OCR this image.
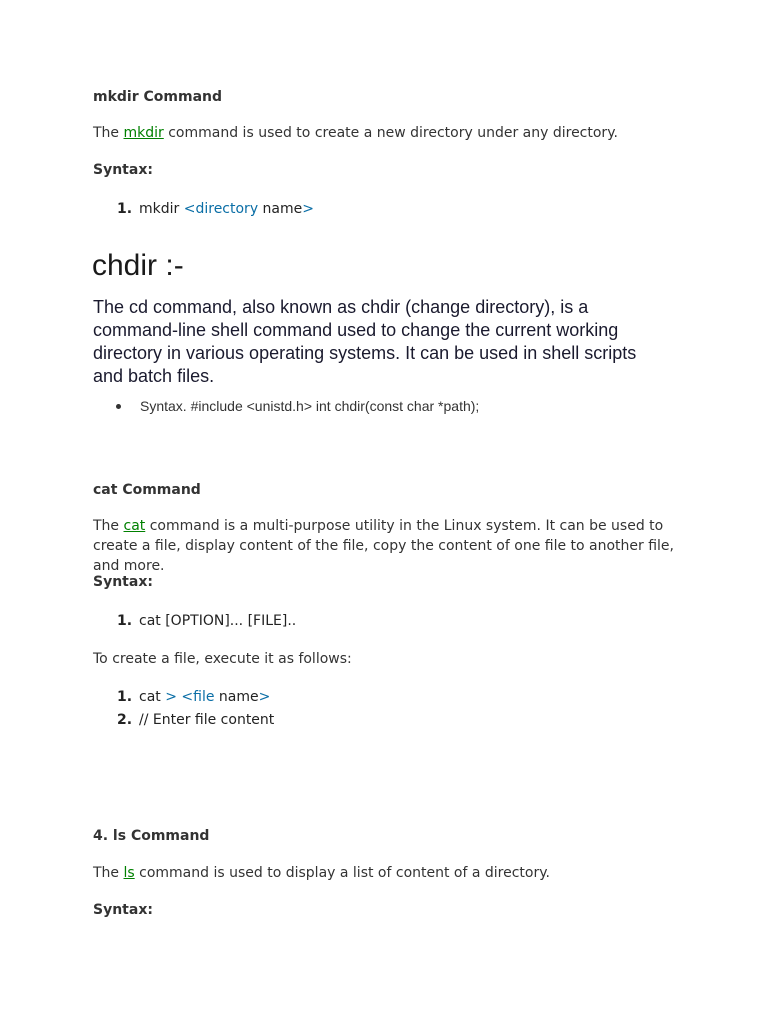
mkdir Command
The mkdir command is used to create a new directory under any directory.
Syntax:
1. mkdir <directory name>
chdir :-
The cd command, also known as chdir (change directory), is a command-line shell command used to change the current working directory in various operating systems. It can be used in shell scripts and batch files.
Syntax. #include <unistd.h> int chdir(const char *path);
cat Command
The cat command is a multi-purpose utility in the Linux system. It can be used to create a file, display content of the file, copy the content of one file to another file, and more.
Syntax:
1. cat [OPTION]... [FILE]..
To create a file, execute it as follows:
1. cat > <file name>
2. // Enter file content
4. ls Command
The ls command is used to display a list of content of a directory.
Syntax:
